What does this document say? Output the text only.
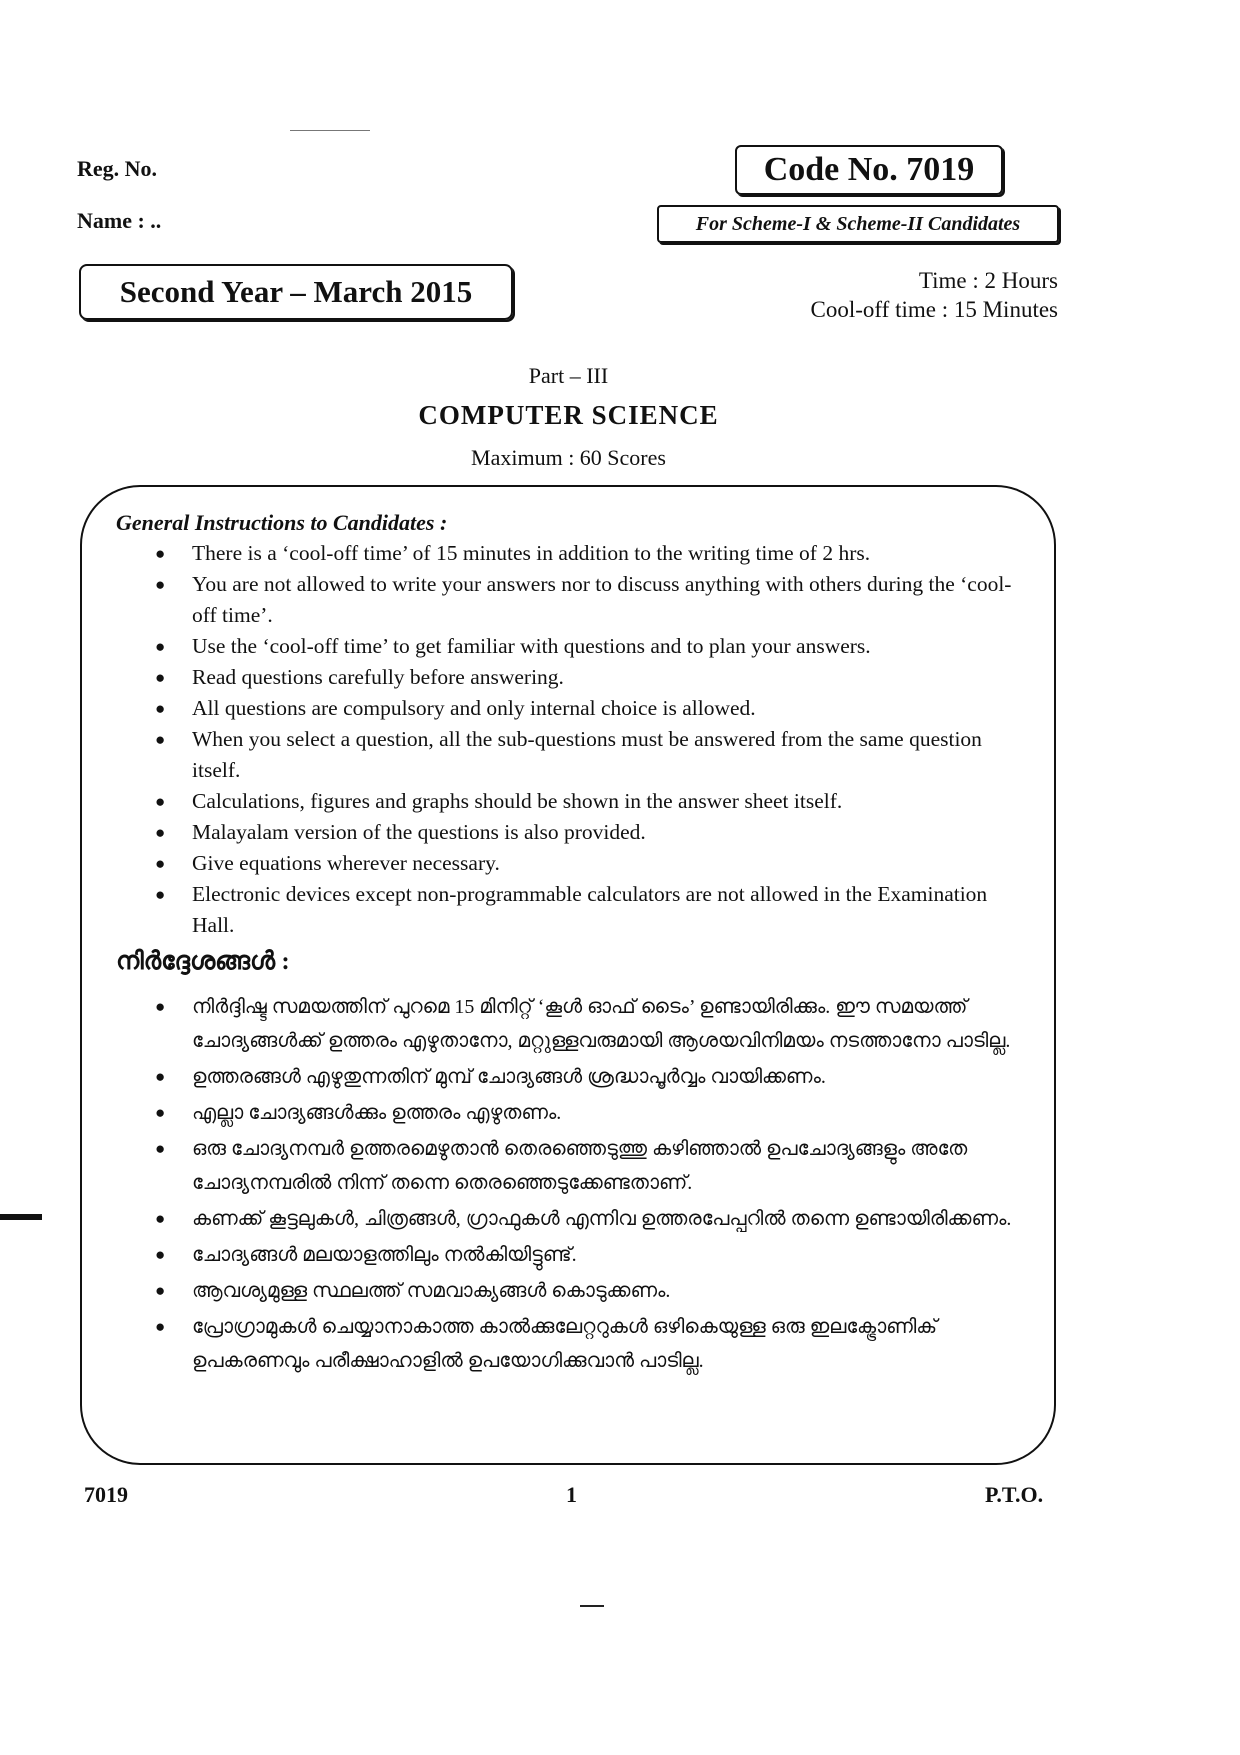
Reg. No.
Name : ..
Code No. 7019
For Scheme-I & Scheme-II Candidates
Second Year – March 2015	Time : 2 Hours
Cool-off time : 15 Minutes
Part – III
COMPUTER SCIENCE
Maximum : 60 Scores
General Instructions to Candidates :
● There is a ‘cool-off time’ of 15 minutes in addition to the writing time of 2 hrs.
● You are not allowed to write your answers nor to discuss anything with others during the ‘cool-off time’.
● Use the ‘cool-off time’ to get familiar with questions and to plan your answers.
● Read questions carefully before answering.
● All questions are compulsory and only internal choice is allowed.
● When you select a question, all the sub-questions must be answered from the same question itself.
● Calculations, figures and graphs should be shown in the answer sheet itself.
● Malayalam version of the questions is also provided.
● Give equations wherever necessary.
● Electronic devices except non-programmable calculators are not allowed in the Examination Hall.
നിർദ്ദേശങ്ങൾ :
● നിർദ്ദിഷ്ട സമയത്തിന് പുറമെ 15 മിനിറ്റ് ‘കൂൾ ഓഫ് ടൈം’ ഉണ്ടായിരിക്കും. ഈ സമയത്ത് ചോദ്യങ്ങൾക്ക് ഉത്തരം എഴുതാനോ, മറ്റുള്ളവരുമായി ആശയവിനിമയം നടത്താനോ പാടില്ല.
● ഉത്തരങ്ങൾ എഴുതുന്നതിന് മുമ്പ് ചോദ്യങ്ങൾ ശ്രദ്ധാപൂർവ്വം വായിക്കണം.
● എല്ലാ ചോദ്യങ്ങൾക്കും ഉത്തരം എഴുതണം.
● ഒരു ചോദ്യനമ്പർ ഉത്തരമെഴുതാൻ തെരഞ്ഞെടുത്തു കഴിഞ്ഞാൽ ഉപചോദ്യങ്ങളും അതേ ചോദ്യനമ്പരിൽ നിന്ന് തന്നെ തെരഞ്ഞെടുക്കേണ്ടതാണ്.
● കണക്ക് കൂട്ടലുകൾ, ചിത്രങ്ങൾ, ഗ്രാഫുകൾ എന്നിവ ഉത്തരപേപ്പറിൽ തന്നെ ഉണ്ടായിരിക്കണം.
● ചോദ്യങ്ങൾ മലയാളത്തിലും നൽകിയിട്ടുണ്ട്.
● ആവശ്യമുള്ള സ്ഥലത്ത് സമവാക്യങ്ങൾ കൊടുക്കണം.
● പ്രോഗ്രാമുകൾ ചെയ്യാനാകാത്ത കാൽക്കുലേറ്ററുകൾ ഒഴികെയുള്ള ഒരു ഇലക്ട്രോണിക് ഉപകരണവും പരീക്ഷാഹാളിൽ ഉപയോഗിക്കുവാൻ പാടില്ല.
7019	1	P.T.O.
